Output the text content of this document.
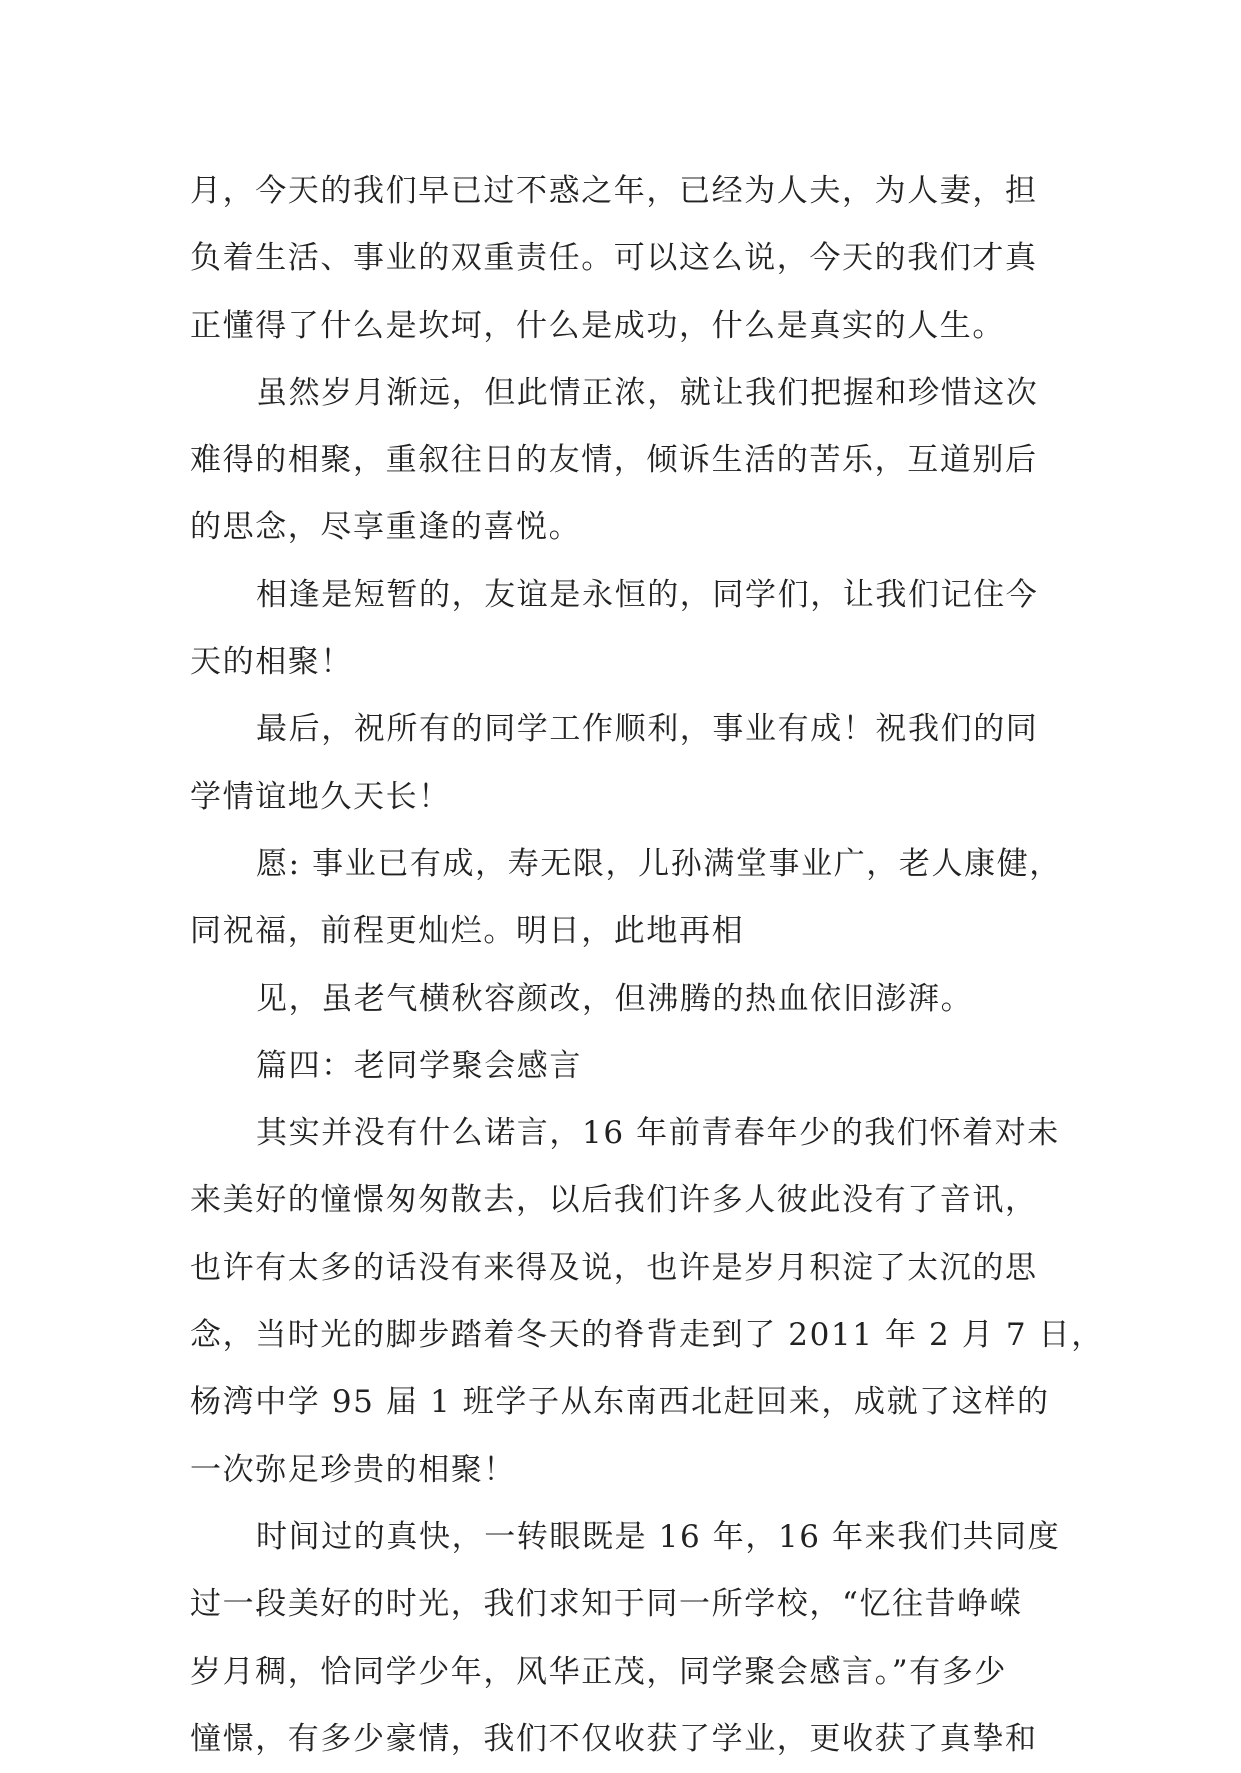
月，今天的我们早已过不惑之年，已经为人夫，为人妻，担
负着生活、事业的双重责任。可以这么说，今天的我们才真
正懂得了什么是坎坷，什么是成功，什么是真实的人生。
虽然岁月渐远，但此情正浓，就让我们把握和珍惜这次
难得的相聚，重叙往日的友情，倾诉生活的苦乐，互道别后
的思念，尽享重逢的喜悦。
相逢是短暂的，友谊是永恒的，同学们，让我们记住今
天的相聚！
最后，祝所有的同学工作顺利，事业有成！祝我们的同
学情谊地久天长！
愿: 事业已有成，寿无限，儿孙满堂事业广，老人康健，
同祝福，前程更灿烂。明日，此地再相
见，虽老气横秋容颜改，但沸腾的热血依旧澎湃。
篇四：老同学聚会感言
其实并没有什么诺言，16 年前青春年少的我们怀着对未
来美好的憧憬匆匆散去，以后我们许多人彼此没有了音讯，
也许有太多的话没有来得及说，也许是岁月积淀了太沉的思
念，当时光的脚步踏着冬天的脊背走到了 2011 年 2 月 7 日，
杨湾中学 95 届 1 班学子从东南西北赶回来，成就了这样的
一次弥足珍贵的相聚！
时间过的真快，一转眼既是 16 年，16 年来我们共同度
过一段美好的时光，我们求知于同一所学校，“忆往昔峥嵘
岁月稠，恰同学少年，风华正茂，同学聚会感言。”有多少
憧憬，有多少豪情，我们不仅收获了学业，更收获了真挚和
